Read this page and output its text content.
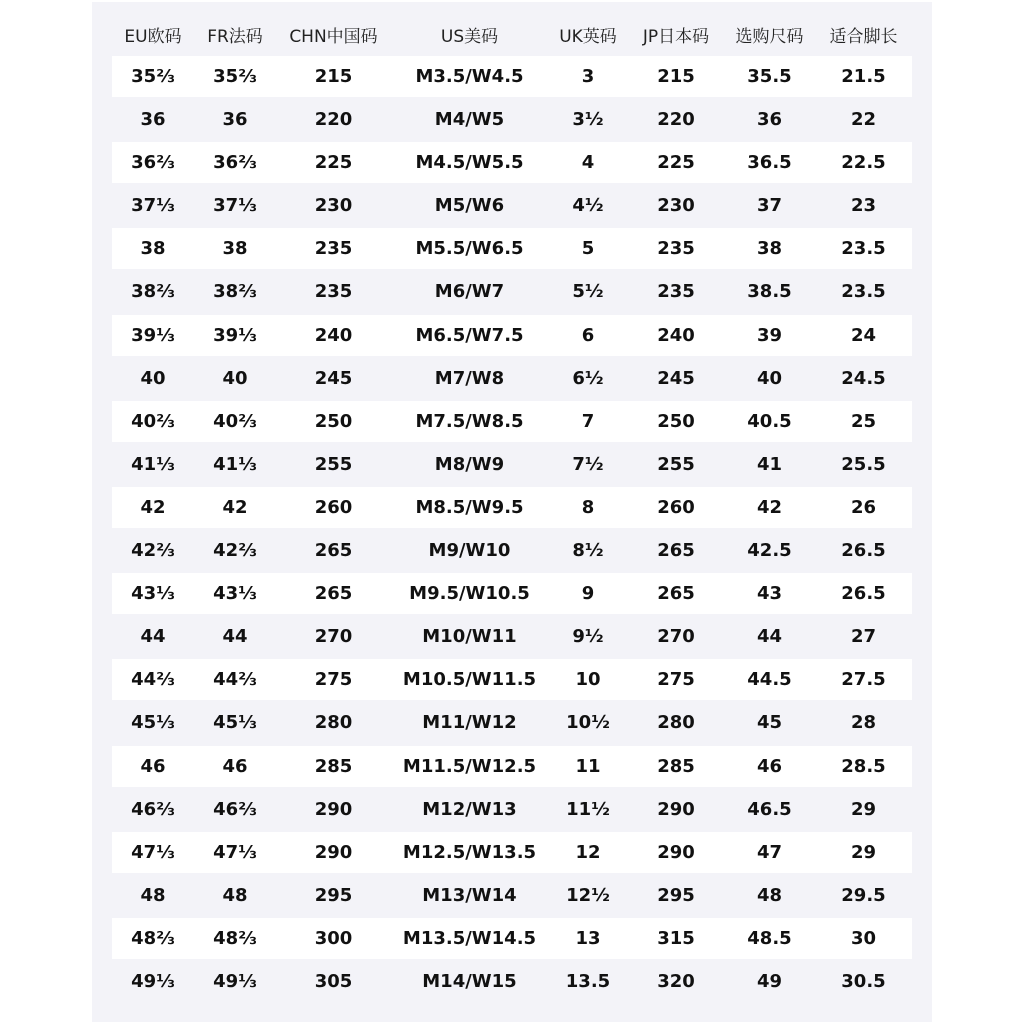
EU欧码	FR法码	CHN中国码	US美码	UK英码	JP日本码	选购尺码	适合脚长
35⅔	35⅔	215	M3.5/W4.5	3	215	35.5	21.5
36	36	220	M4/W5	3½	220	36	22
36⅔	36⅔	225	M4.5/W5.5	4	225	36.5	22.5
37⅓	37⅓	230	M5/W6	4½	230	37	23
38	38	235	M5.5/W6.5	5	235	38	23.5
38⅔	38⅔	235	M6/W7	5½	235	38.5	23.5
39⅓	39⅓	240	M6.5/W7.5	6	240	39	24
40	40	245	M7/W8	6½	245	40	24.5
40⅔	40⅔	250	M7.5/W8.5	7	250	40.5	25
41⅓	41⅓	255	M8/W9	7½	255	41	25.5
42	42	260	M8.5/W9.5	8	260	42	26
42⅔	42⅔	265	M9/W10	8½	265	42.5	26.5
43⅓	43⅓	265	M9.5/W10.5	9	265	43	26.5
44	44	270	M10/W11	9½	270	44	27
44⅔	44⅔	275	M10.5/W11.5	10	275	44.5	27.5
45⅓	45⅓	280	M11/W12	10½	280	45	28
46	46	285	M11.5/W12.5	11	285	46	28.5
46⅔	46⅔	290	M12/W13	11½	290	46.5	29
47⅓	47⅓	290	M12.5/W13.5	12	290	47	29
48	48	295	M13/W14	12½	295	48	29.5
48⅔	48⅔	300	M13.5/W14.5	13	315	48.5	30
49⅓	49⅓	305	M14/W15	13.5	320	49	30.5
